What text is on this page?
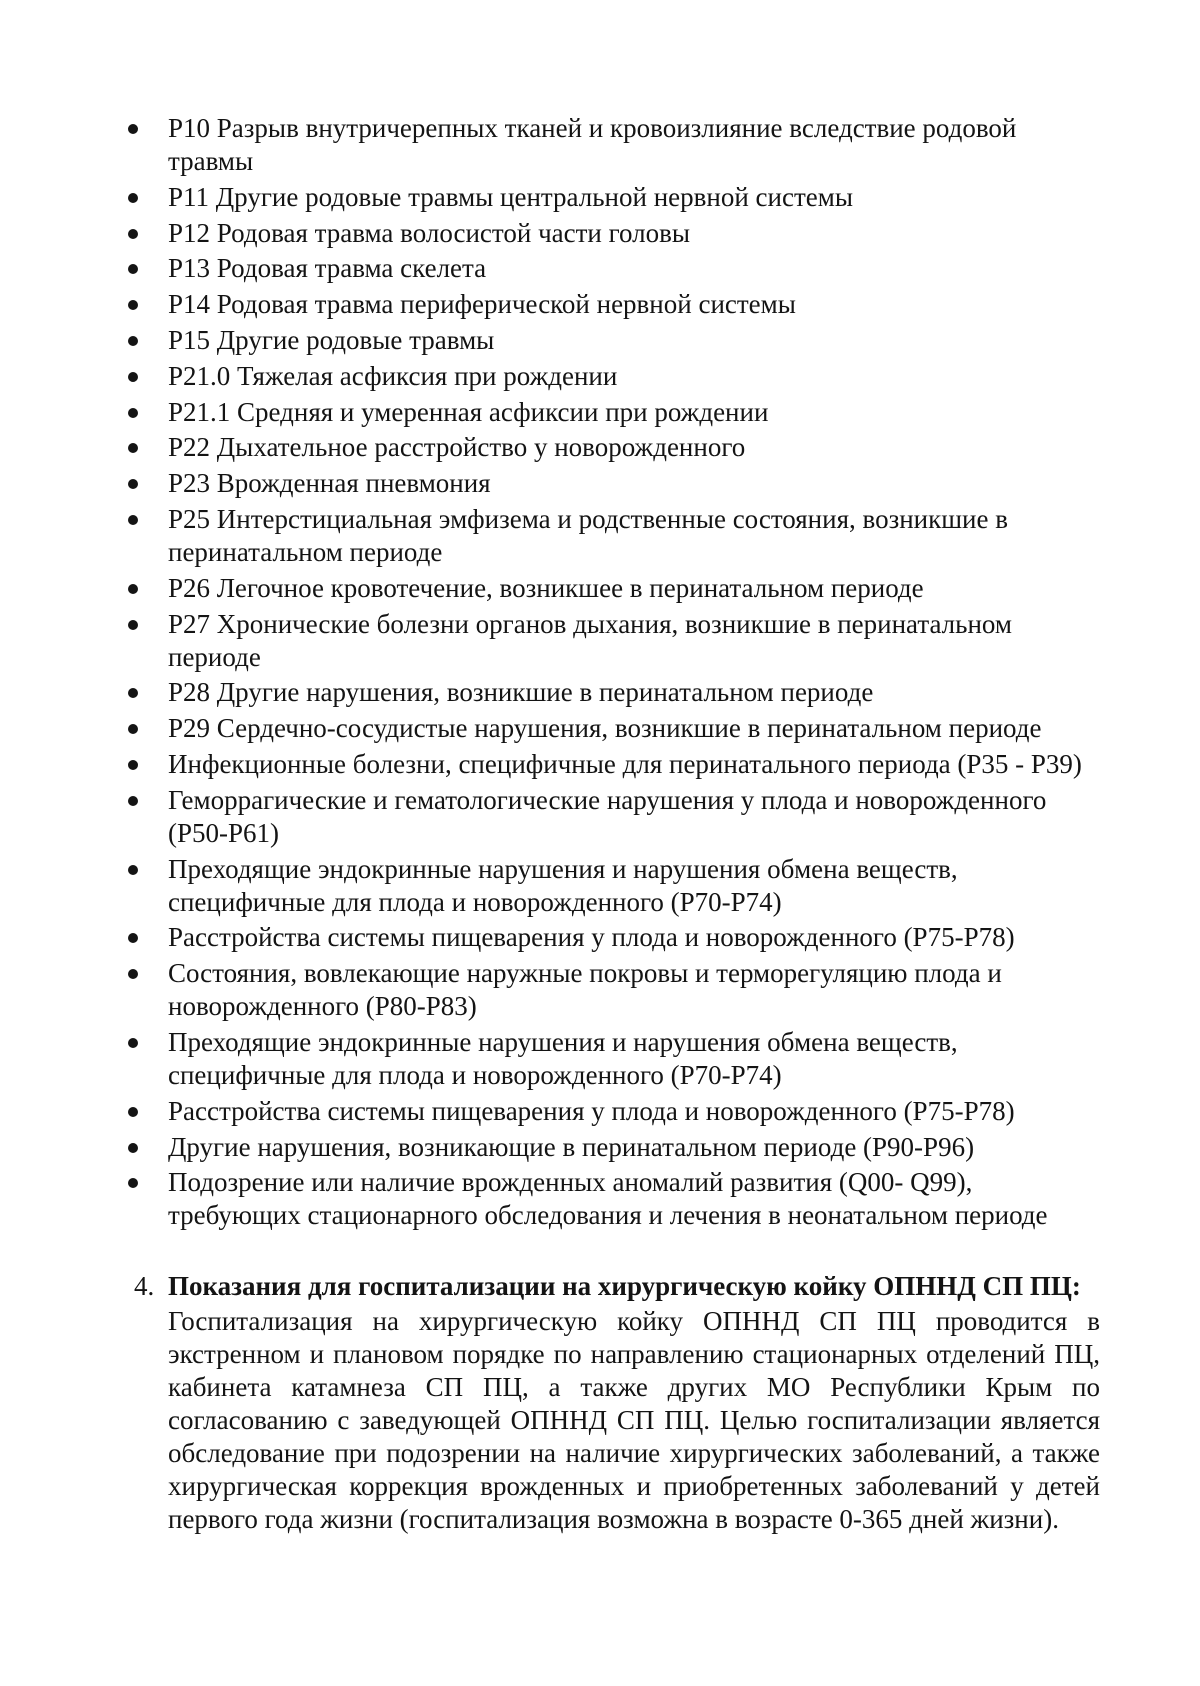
P10 Разрыв внутричерепных тканей и кровоизлияние вследствие родовой травмы
P11 Другие родовые травмы центральной нервной системы
P12 Родовая травма волосистой части головы
P13 Родовая травма скелета
P14 Родовая травма периферической нервной системы
P15 Другие родовые травмы
P21.0 Тяжелая асфиксия при рождении
P21.1 Средняя и умеренная асфиксии при рождении
P22 Дыхательное расстройство у новорожденного
P23 Врожденная пневмония
P25 Интерстициальная эмфизема и родственные состояния, возникшие в перинатальном периоде
P26 Легочное кровотечение, возникшее в перинатальном периоде
P27 Хронические болезни органов дыхания, возникшие в перинатальном периоде
P28 Другие нарушения, возникшие в перинатальном периоде
P29 Сердечно-сосудистые нарушения, возникшие в перинатальном периоде
Инфекционные болезни, специфичные для перинатального периода (Р35 - Р39)
Геморрагические и гематологические нарушения у плода и новорожденного (Р50-Р61)
Преходящие эндокринные нарушения и нарушения обмена веществ, специфичные для плода и новорожденного (Р70-Р74)
Расстройства системы пищеварения у плода и новорожденного (Р75-Р78)
Состояния, вовлекающие наружные покровы и терморегуляцию плода и новорожденного (Р80-Р83)
Преходящие эндокринные нарушения и нарушения обмена веществ, специфичные для плода и новорожденного (Р70-Р74)
Расстройства системы пищеварения у плода и новорожденного (Р75-Р78)
Другие нарушения, возникающие в перинатальном периоде (Р90-Р96)
Подозрение или наличие врожденных аномалий развития (Q00- Q99), требующих стационарного обследования и лечения в неонатальном периоде

4. Показания для госпитализации на хирургическую койку ОПННД СП ПЦ:

Госпитализация на хирургическую койку ОПННД СП ПЦ проводится в экстренном и плановом порядке по направлению стационарных отделений ПЦ, кабинета катамнеза СП ПЦ, а также других МО Республики Крым по согласованию с заведующей ОПННД СП ПЦ. Целью госпитализации является обследование при подозрении на наличие хирургических заболеваний, а также хирургическая коррекция врожденных и приобретенных заболеваний у детей первого года жизни (госпитализация возможна в возрасте 0-365 дней жизни).
